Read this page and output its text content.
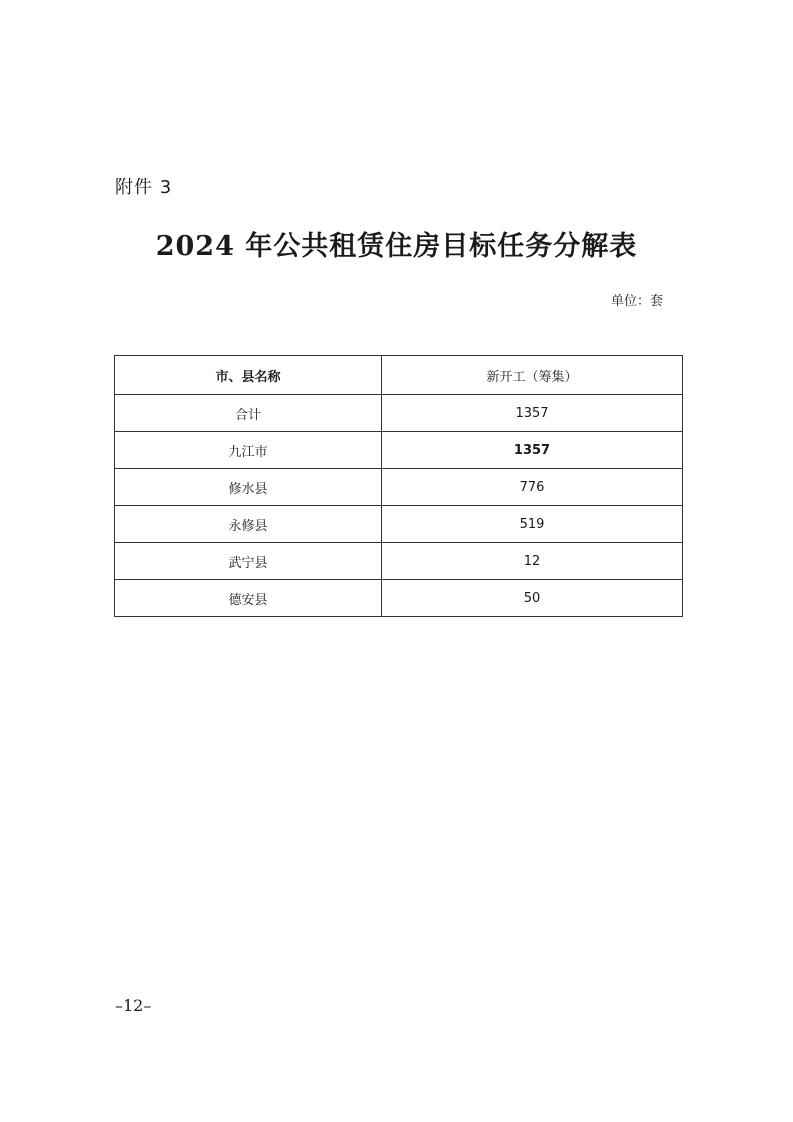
附件 3
2024 年公共租赁住房目标任务分解表
单位：套
市、县名称	新开工（筹集）
合计	1357
九江市	1357
修水县	776
永修县	519
武宁县	12
德安县	50
–12–
